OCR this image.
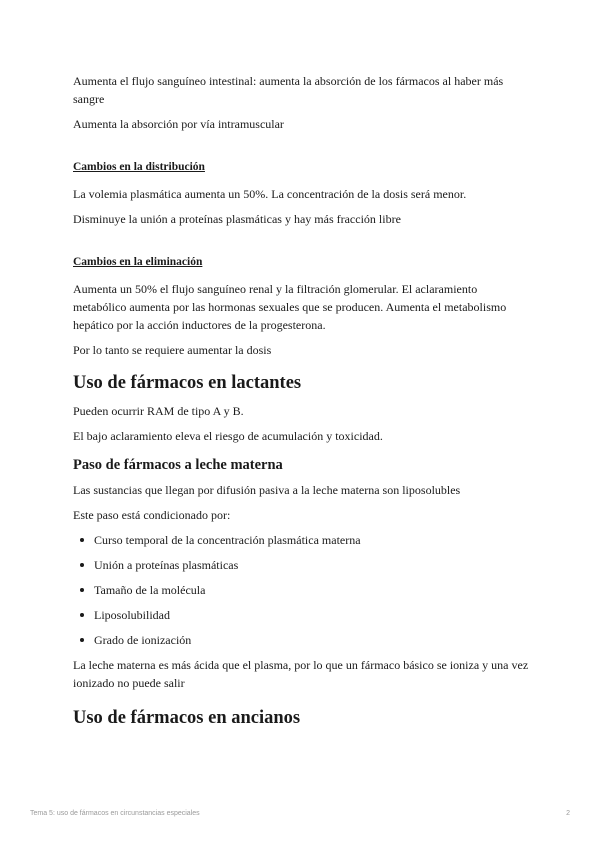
Aumenta el flujo sanguíneo intestinal: aumenta la absorción de los fármacos al haber más sangre

Aumenta la absorción por vía intramuscular

Cambios en la distribución

La volemia plasmática aumenta un 50%. La concentración de la dosis será menor.

Disminuye la unión a proteínas plasmáticas y hay más fracción libre

Cambios en la eliminación

Aumenta un 50% el flujo sanguíneo renal y la filtración glomerular. El aclaramiento metabólico aumenta por las hormonas sexuales que se producen. Aumenta el metabolismo hepático por la acción inductores de la progesterona.

Por lo tanto se requiere aumentar la dosis

Uso de fármacos en lactantes

Pueden ocurrir RAM de tipo A y B.

El bajo aclaramiento eleva el riesgo de acumulación y toxicidad.

Paso de fármacos a leche materna

Las sustancias que llegan por difusión pasiva a la leche materna son liposolubles

Este paso está condicionado por:

Curso temporal de la concentración plasmática materna
Unión a proteínas plasmáticas
Tamaño de la molécula
Liposolubilidad
Grado de ionización

La leche materna es más ácida que el plasma, por lo que un fármaco básico se ioniza y una vez ionizado no puede salir

Uso de fármacos en ancianos
Tema 5: uso de fármacos en circunstancias especiales	2
